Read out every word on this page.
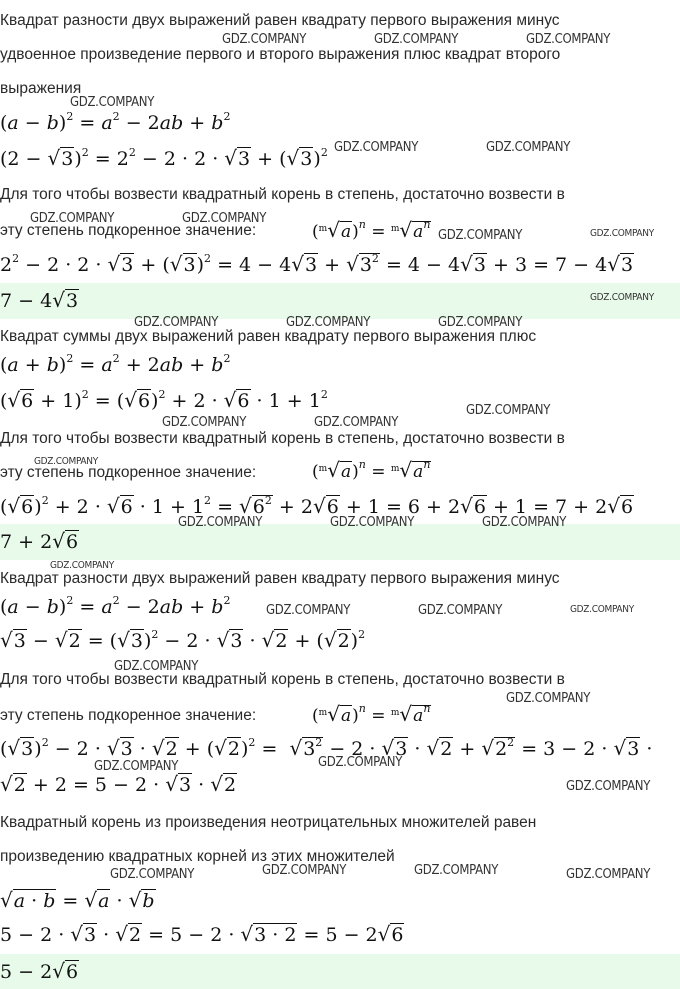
Квадрат разности двух выражений равен квадрату первого выражения минус
удвоенное произведение первого и второго выражения плюс квадрат второго
выражения
$(a - b)^2 = a^2 - 2ab + b^2$
$(2 - √3)^2 = 2^2 - 2 \cdot 2 \cdot √3 + (√3)^2$
Для того чтобы возвести квадратный корень в степень, достаточно возвести в
эту степень подкоренное значение:	$(^m√a)^n = ^m√a^n$
$2^2 - 2 \cdot 2 \cdot √3 + (√3)^2 = 4 - 4√3 + √3^2 = 4 - 4√3 + 3 = 7 - 4√3$
7 − 4√3
Квадрат суммы двух выражений равен квадрату первого выражения плюс
$(a + b)^2 = a^2 + 2ab + b^2$
$(√6 + 1)^2 = (√6)^2 + 2 \cdot √6 \cdot 1 + 1^2$
Для того чтобы возвести квадратный корень в степень, достаточно возвести в
эту степень подкоренное значение:	$(^m√a)^n = ^m√a^n$
$(√6)^2 + 2 \cdot √6 \cdot 1 + 1^2 = √6^2 + 2√6 + 1 = 6 + 2√6 + 1 = 7 + 2√6$
7 + 2√6
Квадрат разности двух выражений равен квадрату первого выражения минус
$(a - b)^2 = a^2 - 2ab + b^2$
$√3 - √2 = (√3)^2 - 2 \cdot √3 \cdot √2 + (√2)^2$
Для того чтобы возвести квадратный корень в степень, достаточно возвести в
эту степень подкоренное значение:	$(^m√a)^n = ^m√a^n$
$(√3)^2 - 2 \cdot √3 \cdot √2 + (√2)^2 = √3^2 - 2 \cdot √3 \cdot √2 + √2^2 = 3 - 2 \cdot √3$ ·
√2 + 2 = 5 − 2 · √3 · √2
Квадратный корень из произведения неотрицательных множителей равен
произведению квадратных корней из этих множителей
√a · b = √a · √b
5 − 2 · √3 · √2 = 5 − 2 · √3 · 2 = 5 − 2√6
5 − 2√6
GDZ.COMPANY	GDZ.COMPANY	GDZ.COMPANY
GDZ.COMPANY
GDZ.COMPANY	GDZ.COMPANY
GDZ.COMPANY	GDZ.COMPANY
GDZ.COMPANY	GDZ.COMPANY
GDZ.COMPANY
GDZ.COMPANY	GDZ.COMPANY	GDZ.COMPANY
GDZ.COMPANY
GDZ.COMPANY	GDZ.COMPANY
GDZ.COMPANY
GDZ.COMPANY	GDZ.COMPANY	GDZ.COMPANY
GDZ.COMPANY
GDZ.COMPANY	GDZ.COMPANY	GDZ.COMPANY
GDZ.COMPANY
GDZ.COMPANY
GDZ.COMPANY	GDZ.COMPANY
GDZ.COMPANY
GDZ.COMPANY	GDZ.COMPANY	GDZ.COMPANY	GDZ.COMPANY
